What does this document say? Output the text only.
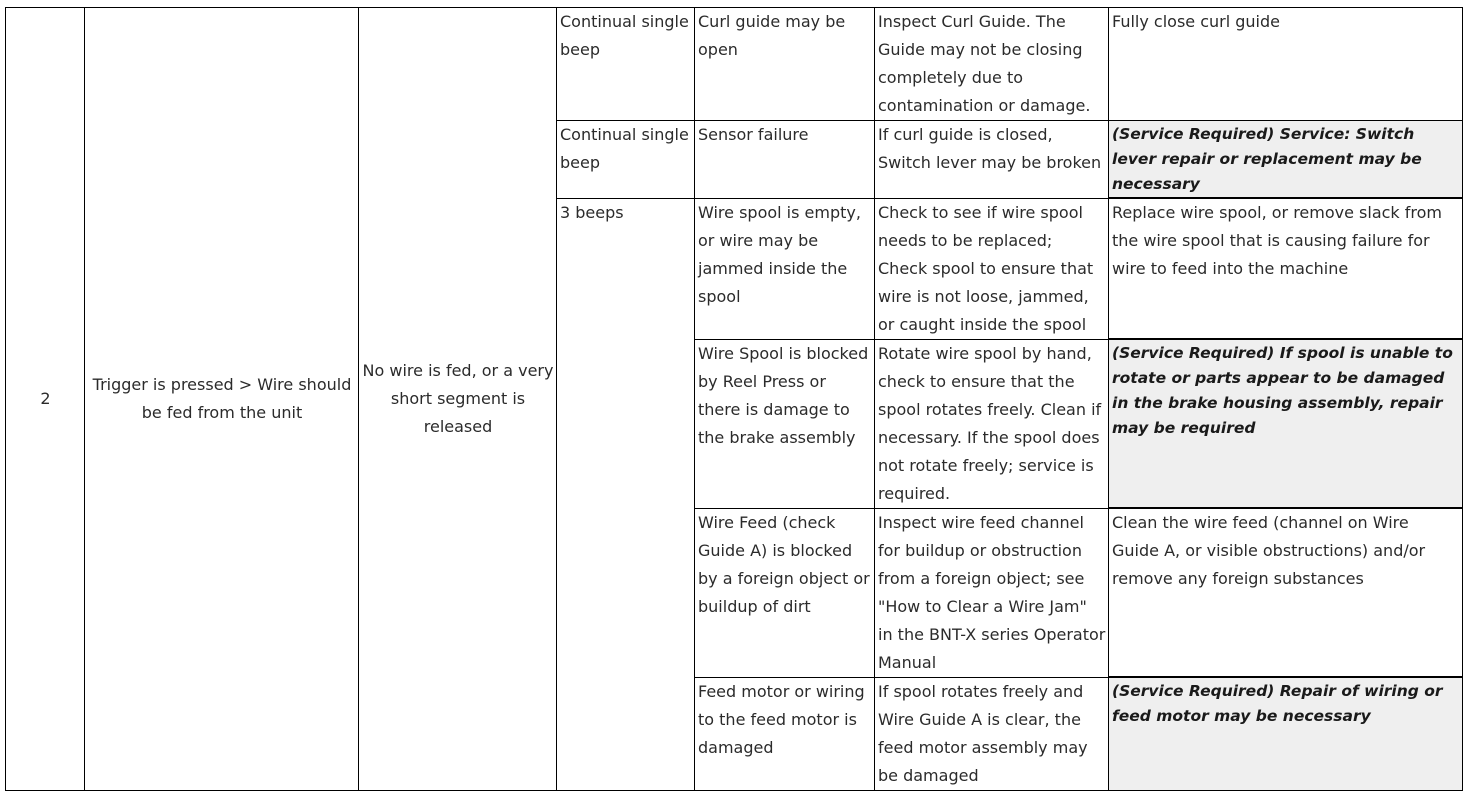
2	Trigger is pressed > Wire should be fed from the unit	No wire is fed, or a very short segment is released	Continual single beep	Curl guide may be open	Inspect Curl Guide. The Guide may not be closing completely due to contamination or damage.	Fully close curl guide
			Continual single beep	Sensor failure	If curl guide is closed, Switch lever may be broken	(Service Required) Service: Switch lever repair or replacement may be necessary
			3 beeps	Wire spool is empty, or wire may be jammed inside the spool	Check to see if wire spool needs to be replaced; Check spool to ensure that wire is not loose, jammed, or caught inside the spool	Replace wire spool, or remove slack from the wire spool that is causing failure for wire to feed into the machine
				Wire Spool is blocked by Reel Press or there is damage to the brake assembly	Rotate wire spool by hand, check to ensure that the spool rotates freely. Clean if necessary. If the spool does not rotate freely; service is required.	(Service Required) If spool is unable to rotate or parts appear to be damaged in the brake housing assembly, repair may be required
				Wire Feed (check Guide A) is blocked by a foreign object or buildup of dirt	Inspect wire feed channel for buildup or obstruction from a foreign object; see "How to Clear a Wire Jam" in the BNT-X series Operator Manual	Clean the wire feed (channel on Wire Guide A, or visible obstructions) and/or remove any foreign substances
				Feed motor or wiring to the feed motor is damaged	If spool rotates freely and Wire Guide A is clear, the feed motor assembly may be damaged	(Service Required) Repair of wiring or feed motor may be necessary
